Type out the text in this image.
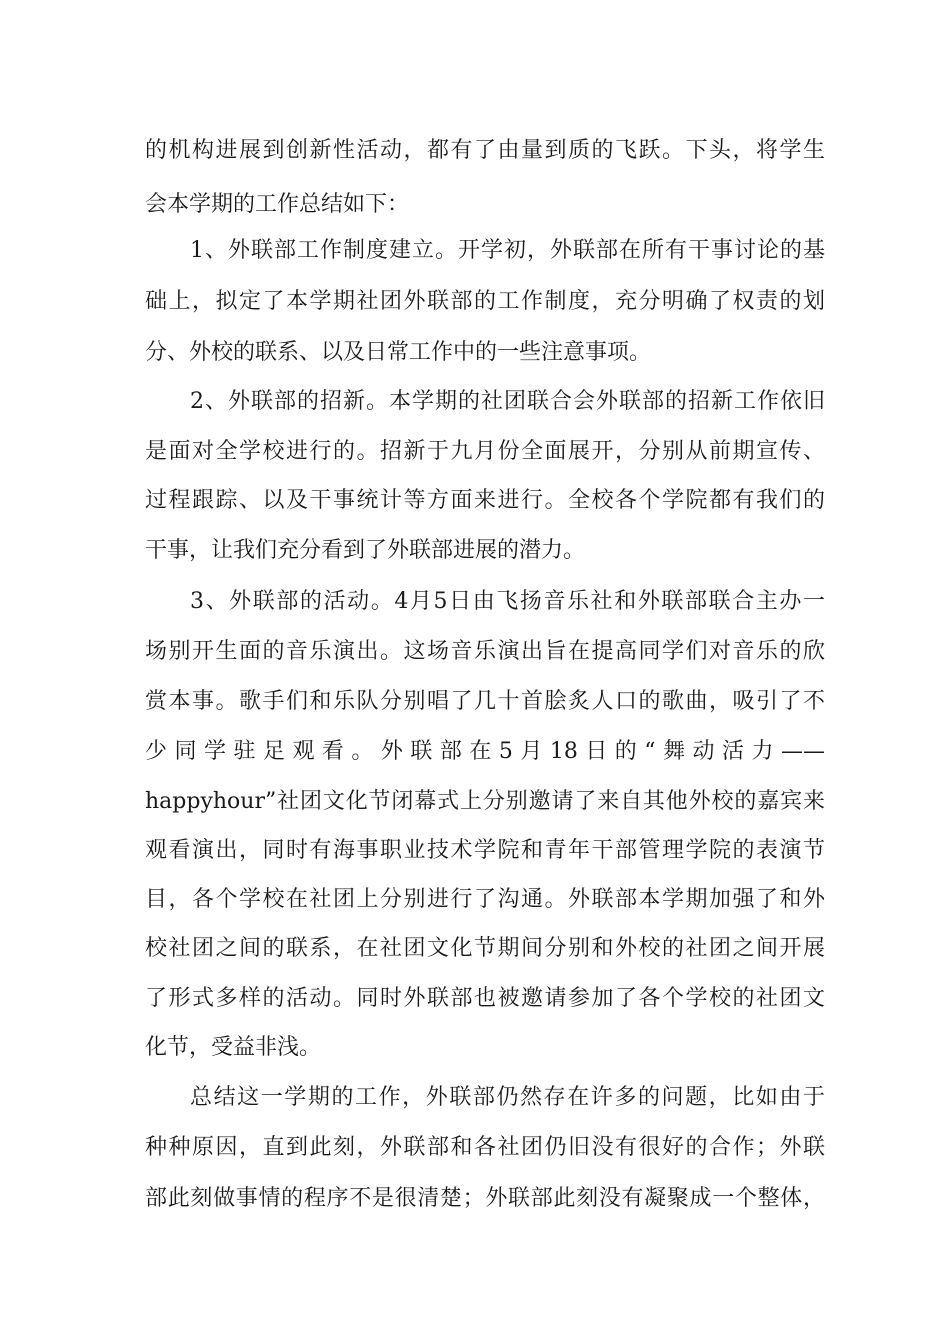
的机构进展到创新性活动，都有了由量到质的飞跃。下头，将学生
会本学期的工作总结如下：
1、外联部工作制度建立。开学初，外联部在所有干事讨论的基
础上，拟定了本学期社团外联部的工作制度，充分明确了权责的划
分、外校的联系、以及日常工作中的一些注意事项。
2、外联部的招新。本学期的社团联合会外联部的招新工作依旧
是面对全学校进行的。招新于九月份全面展开，分别从前期宣传、
过程跟踪、以及干事统计等方面来进行。全校各个学院都有我们的
干事，让我们充分看到了外联部进展的潜力。
3、外联部的活动。4月5日由飞扬音乐社和外联部联合主办一
场别开生面的音乐演出。这场音乐演出旨在提高同学们对音乐的欣
赏本事。歌手们和乐队分别唱了几十首脍炙人口的歌曲，吸引了不
少同学驻足观看。外联部在5月18日的“舞动活力——
happyhour”社团文化节闭幕式上分别邀请了来自其他外校的嘉宾来
观看演出，同时有海事职业技术学院和青年干部管理学院的表演节
目，各个学校在社团上分别进行了沟通。外联部本学期加强了和外
校社团之间的联系，在社团文化节期间分别和外校的社团之间开展
了形式多样的活动。同时外联部也被邀请参加了各个学校的社团文
化节，受益非浅。
总结这一学期的工作，外联部仍然存在许多的问题，比如由于
种种原因，直到此刻，外联部和各社团仍旧没有很好的合作；外联
部此刻做事情的程序不是很清楚；外联部此刻没有凝聚成一个整体，
